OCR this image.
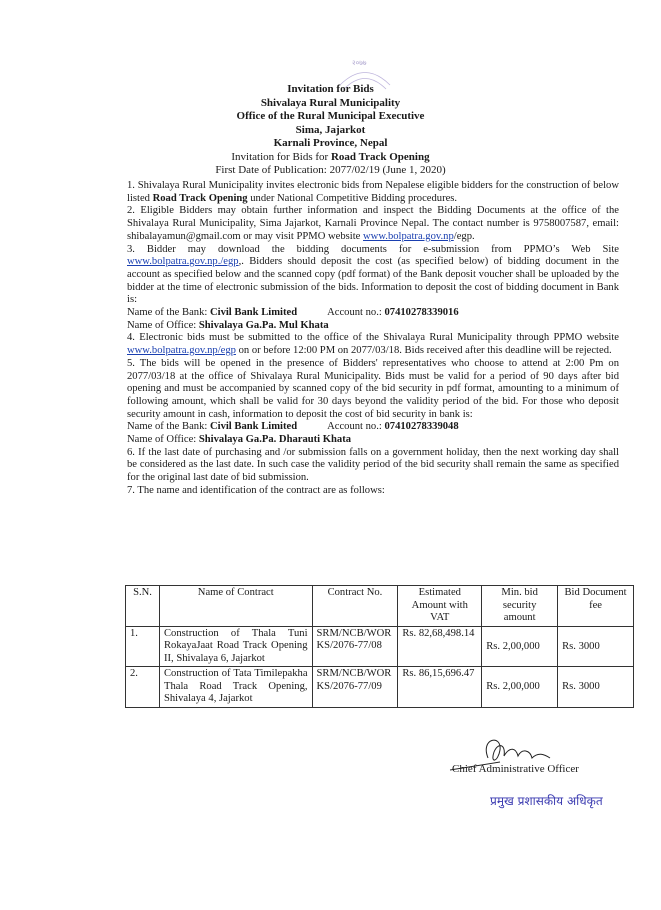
२०७७
Invitation for Bids
Shivalaya Rural Municipality
Office of the Rural Municipal Executive
Sima, Jajarkot
Karnali Province, Nepal
Invitation for Bids for Road Track Opening
First Date of Publication: 2077/02/19 (June 1, 2020)

1. Shivalaya Rural Municipality invites electronic bids from Nepalese eligible bidders for the construction of below listed Road Track Opening under National Competitive Bidding procedures.

2. Eligible Bidders may obtain further information and inspect the Bidding Documents at the office of the Shivalaya Rural Municipality, Sima Jajarkot, Karnali Province Nepal. The contact number is 9758007587, email: shibalayamun@gmail.com or may visit PPMO website www.bolpatra.gov.np/egp.

3. Bidder may download the bidding documents for e-submission from PPMO’s Web Site www.bolpatra.gov.np./egp,. Bidders should deposit the cost (as specified below) of bidding document in the account as specified below and the scanned copy (pdf format) of the Bank deposit voucher shall be uploaded by the bidder at the time of electronic submission of the bids. Information to deposit the cost of bidding document in Bank is:

Name of the Bank: Civil Bank Limited	Account no.: 07410278339016

Name of Office: Shivalaya Ga.Pa. Mul Khata

4. Electronic bids must be submitted to the office of the Shivalaya Rural Municipality through PPMO website www.bolpatra.gov.np/egp on or before 12:00 PM on 2077/03/18. Bids received after this deadline will be rejected.

5. The bids will be opened in the presence of Bidders' representatives who choose to attend at 2:00 Pm on 2077/03/18 at the office of Shivalaya Rural Municipality. Bids must be valid for a period of 90 days after bid opening and must be accompanied by scanned copy of the bid security in pdf format, amounting to a minimum of following amount, which shall be valid for 30 days beyond the validity period of the bid. For those who deposit security amount in cash, information to deposit the cost of bid security in bank is:

Name of the Bank: Civil Bank Limited	Account no.: 07410278339048

Name of Office: Shivalaya Ga.Pa. Dharauti Khata

6. If the last date of purchasing and /or submission falls on a government holiday, then the next working day shall be considered as the last date. In such case the validity period of the bid security shall remain the same as specified for the original last date of bid submission.

7. The name and identification of the contract are as follows:

S.N.	Name of Contract	Contract No.	Estimated Amount with VAT	Min. bid security amount	Bid Document fee
1.	Construction of Thala Tuni RokayaJaat Road Track Opening II, Shivalaya 6, Jajarkot	SRM/NCB/WORKS/2076-77/08	Rs. 82,68,498.14	Rs. 2,00,000	Rs. 3000
2.	Construction of Tata Timilepakha Thala Road Track Opening, Shivalaya 4, Jajarkot	SRM/NCB/WORKS/2076-77/09	Rs. 86,15,696.47	Rs. 2,00,000	Rs. 3000
Chief Administrative Officer
प्रमुख प्रशासकीय अधिकृत
